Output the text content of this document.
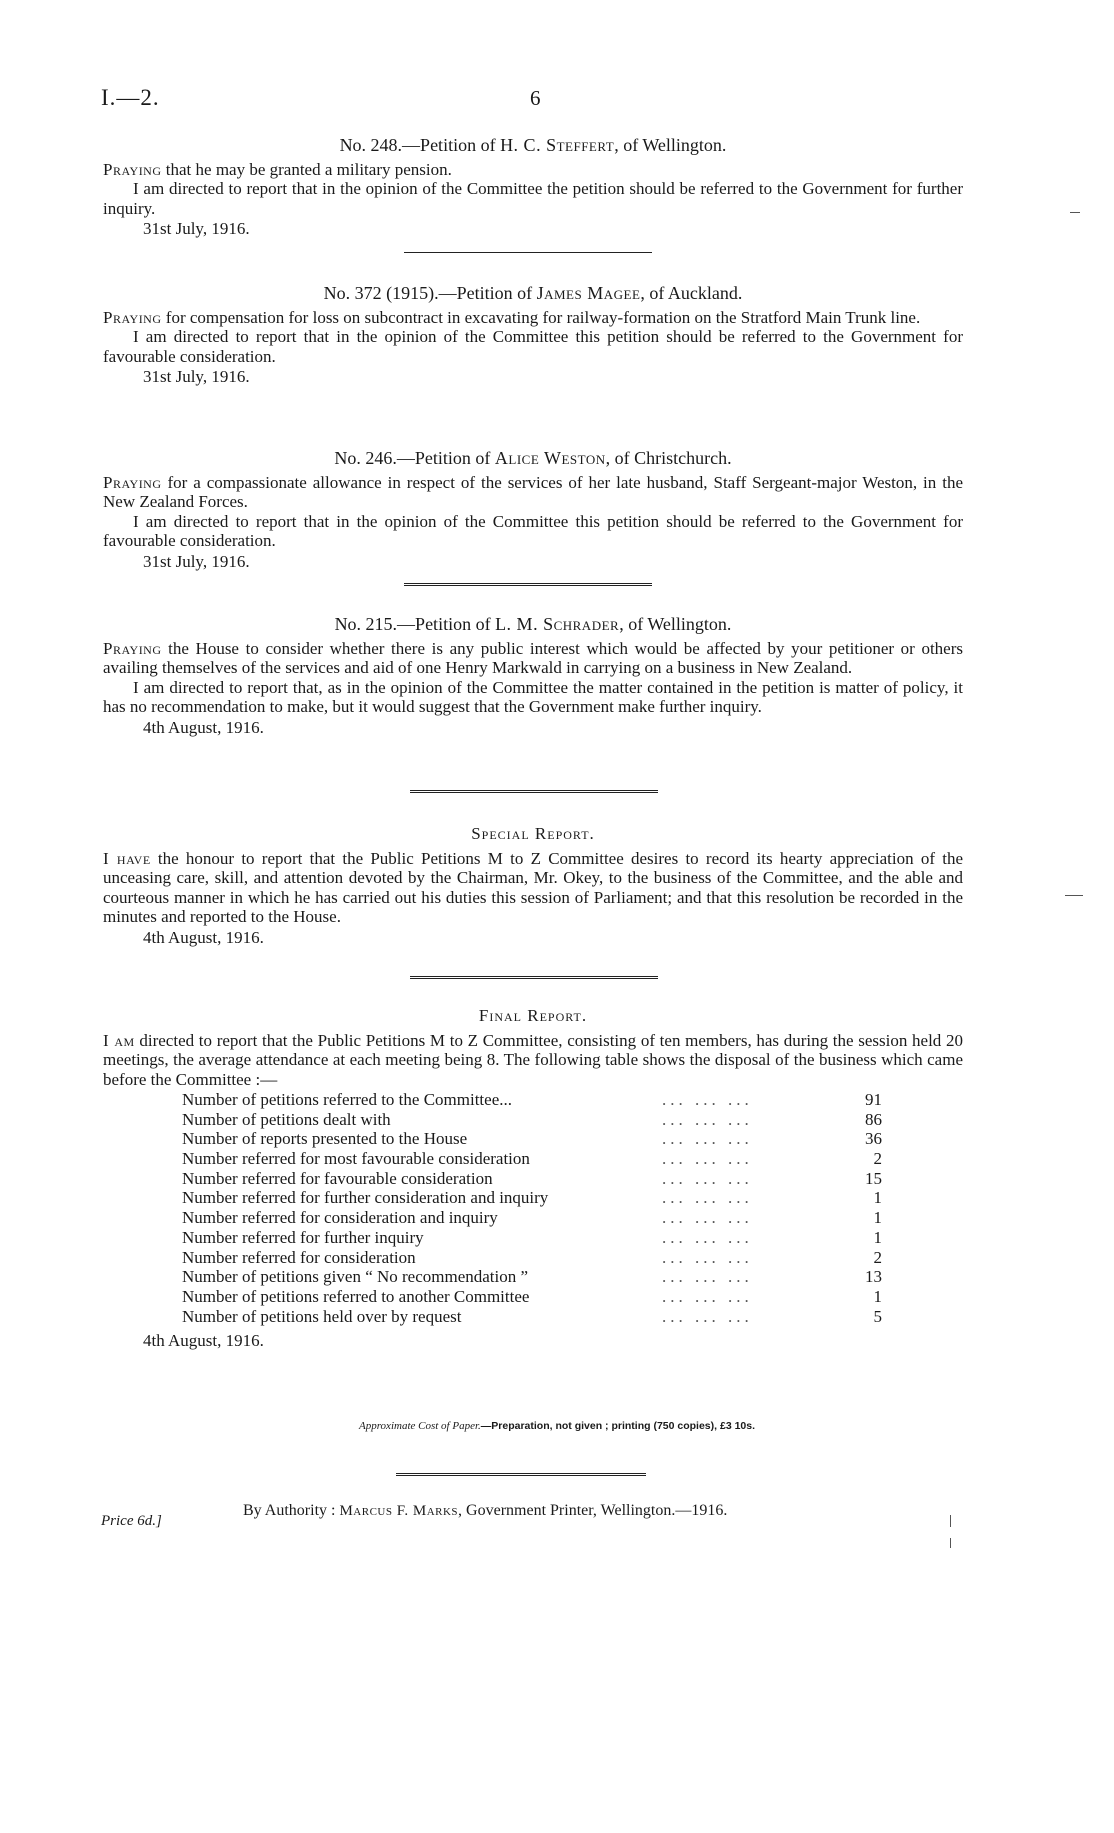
I.—2.	6
No. 248.—Petition of H. C. Steffert, of Wellington.

Praying that he may be granted a military pension.

I am directed to report that in the opinion of the Committee the petition should be referred to the Government for further inquiry.

31st July, 1916.
No. 372 (1915).—Petition of James Magee, of Auckland.

Praying for compensation for loss on subcontract in excavating for railway-formation on the Stratford Main Trunk line.

I am directed to report that in the opinion of the Committee this petition should be referred to the Government for favourable consideration.

31st July, 1916.
No. 246.—Petition of Alice Weston, of Christchurch.

Praying for a compassionate allowance in respect of the services of her late husband, Staff Sergeant-major Weston, in the New Zealand Forces.

I am directed to report that in the opinion of the Committee this petition should be referred to the Government for favourable consideration.

31st July, 1916.
No. 215.—Petition of L. M. Schrader, of Wellington.

Praying the House to consider whether there is any public interest which would be affected by your petitioner or others availing themselves of the services and aid of one Henry Markwald in carrying on a business in New Zealand.

I am directed to report that, as in the opinion of the Committee the matter contained in the petition is matter of policy, it has no recommendation to make, but it would suggest that the Government make further inquiry.

4th August, 1916.
Special Report.

I have the honour to report that the Public Petitions M to Z Committee desires to record its hearty appreciation of the unceasing care, skill, and attention devoted by the Chairman, Mr. Okey, to the business of the Committee, and the able and courteous manner in which he has carried out his duties this session of Parliament; and that this resolution be recorded in the minutes and reported to the House.

4th August, 1916.
Final Report.

I am directed to report that the Public Petitions M to Z Committee, consisting of ten members, has during the session held 20 meetings, the average attendance at each meeting being 8. The following table shows the disposal of the business which came before the Committee :—

Number of petitions referred to the Committee...	... ... ...	91
Number of petitions dealt with	... ... ...	86
Number of reports presented to the House	... ... ...	36
Number referred for most favourable consideration	... ... ...	2
Number referred for favourable consideration	... ... ...	15
Number referred for further consideration and inquiry	... ... ...	1
Number referred for consideration and inquiry	... ... ...	1
Number referred for further inquiry	... ... ...	1
Number referred for consideration	... ... ...	2
Number of petitions given “ No recommendation ”	... ... ...	13
Number of petitions referred to another Committee	... ... ...	1
Number of petitions held over by request	... ... ...	5
4th August, 1916.
Approximate Cost of Paper.—Preparation, not given ; printing (750 copies), £3 10s.
Price 6d.]
By Authority : Marcus F. Marks, Government Printer, Wellington.—1916.
